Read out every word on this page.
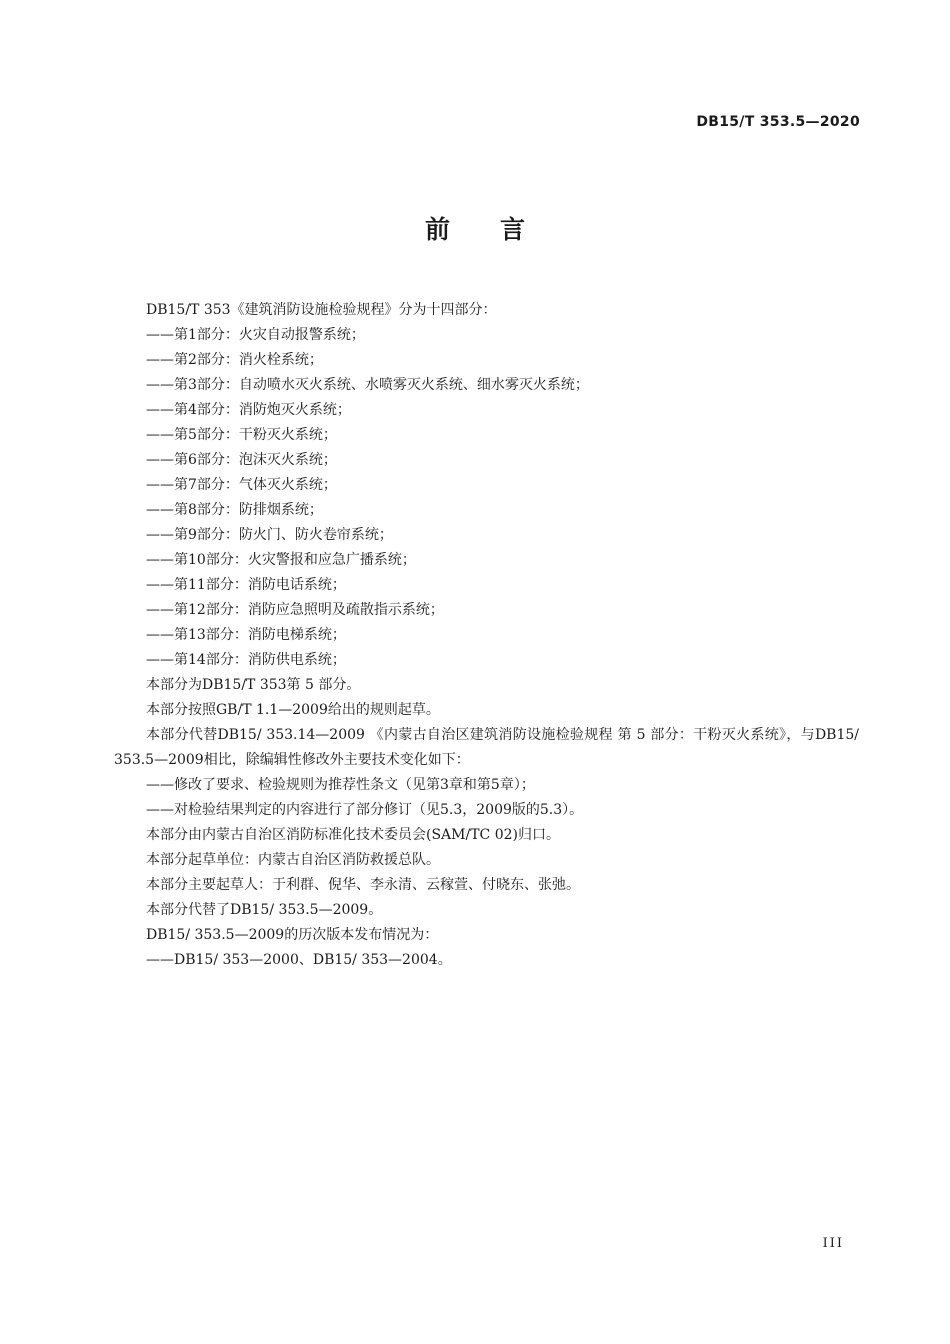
DB15/T 353.5—2020
前 言

DB15/T 353《建筑消防设施检验规程》分为十四部分：

——第1部分：火灾自动报警系统；

——第2部分：消火栓系统；

——第3部分：自动喷水灭火系统、水喷雾灭火系统、细水雾灭火系统；

——第4部分：消防炮灭火系统；

——第5部分：干粉灭火系统；

——第6部分：泡沫灭火系统；

——第7部分：气体灭火系统；

——第8部分：防排烟系统；

——第9部分：防火门、防火卷帘系统；

——第10部分：火灾警报和应急广播系统；

——第11部分：消防电话系统；

——第12部分：消防应急照明及疏散指示系统；

——第13部分：消防电梯系统；

——第14部分：消防供电系统；

本部分为DB15/T 353第 5 部分。

本部分按照GB/T 1.1—2009给出的规则起草。

本部分代替DB15/ 353.14—2009 《内蒙古自治区建筑消防设施检验规程 第 5 部分：干粉灭火系统》，与DB15/ 353.5—2009相比，除编辑性修改外主要技术变化如下：

——修改了要求、检验规则为推荐性条文（见第3章和第5章）；

——对检验结果判定的内容进行了部分修订（见5.3，2009版的5.3）。

本部分由内蒙古自治区消防标准化技术委员会(SAM/TC 02)归口。

本部分起草单位：内蒙古自治区消防救援总队。

本部分主要起草人：于利群、倪华、李永清、云稼萱、付晓东、张弛。

本部分代替了DB15/ 353.5—2009。

DB15/ 353.5—2009的历次版本发布情况为：

——DB15/ 353—2000、DB15/ 353—2004。

III
